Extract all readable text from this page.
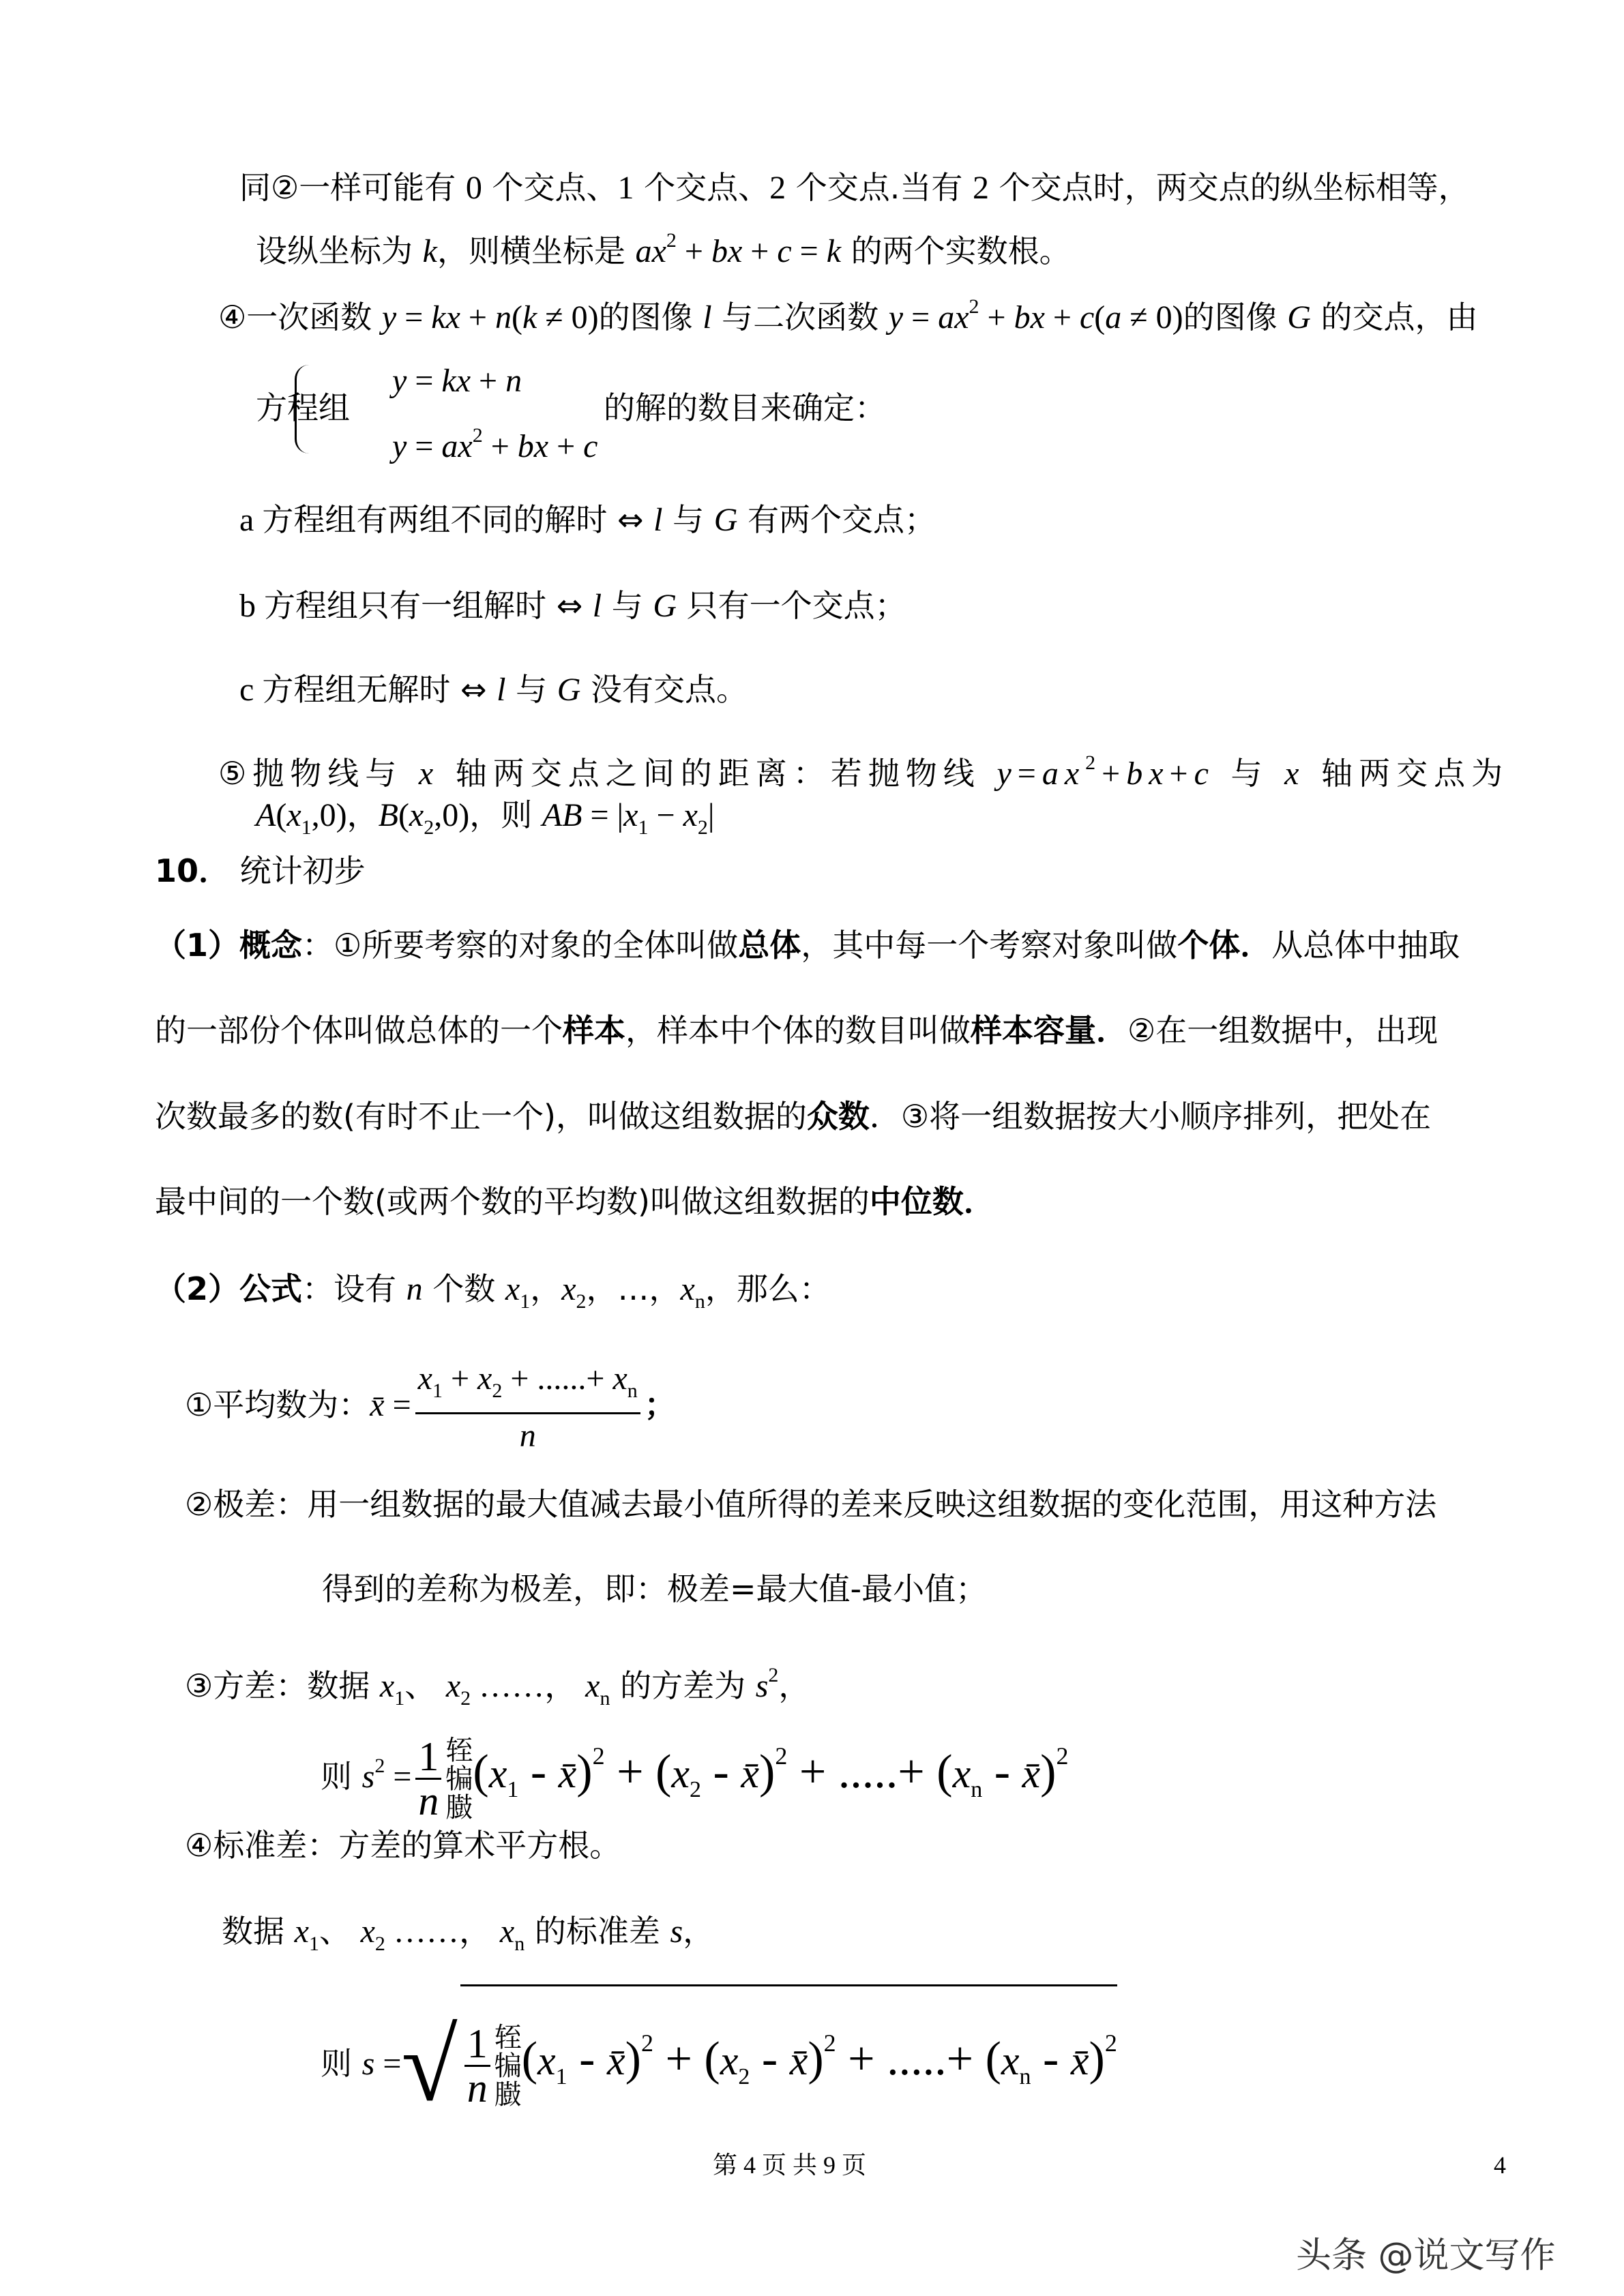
同②一样可能有 0 个交点、1 个交点、2 个交点.当有 2 个交点时，两交点的纵坐标相等，
设纵坐标为 k，则横坐标是 $ax^2$ + bx + c = k 的两个实数根。
④一次函数 y = kx + n(k ≠ 0)的图像 l 与二次函数 $y = ax^2$ + bx + c(a ≠ 0)的图像 G 的交点，由
方程组
y = kx + n
$y = ax^2$ + bx + c
的解的数目来确定：
a 方程组有两组不同的解时 ⇔ l 与 G 有两个交点；
b 方程组只有一组解时 ⇔ l 与 G 只有一个交点；
c 方程组无解时 ⇔ l 与 G 没有交点。
⑤抛物线与 x 轴两交点之间的距离：若抛物线 $y=ax^2+bx+c$ 与 x 轴两交点为
$A(x_1,0)$，$B(x_2,0)$，则 AB = $|x_1 - x_2|$
10． 统计初步
（1）概念：①所要考察的对象的全体叫做总体，其中每一个考察对象叫做个体．从总体中抽取
的一部份个体叫做总体的一个样本，样本中个体的数目叫做样本容量．②在一组数据中，出现
次数最多的数(有时不止一个)，叫做这组数据的众数．③将一组数据按大小顺序排列，把处在
最中间的一个数(或两个数的平均数)叫做这组数据的中位数．
（2）公式：设有 n 个数 $x_1$，$x_2$，…，$x_n$，那么：
①平均数为：x̄ = $\frac{x_1 + x_2 + ......+ x_n}{n}$ ；
②极差：用一组数据的最大值减去最小值所得的差来反映这组数据的变化范围，用这种方法
得到的差称为极差，即：极差=最大值-最小值；
③方差：数据 $x_1$、 $x_2$ ……， $x_n$ 的方差为 $s^2$，
则 $s^2 = \frac{1}{n}$ 轾
犏
臌
($x_1$ - x̄)$^2$ + ($x_2$ - x̄)$^2$ + .....+ ($x_n$ - x̄)$^2$
④标准差：方差的算术平方根。
数据 $x_1$、 $x_2$ ……， $x_n$ 的标准差 s，
则 s =√ $\frac{1}{n}$ 轾
犏
臌
($x_1$ - x̄)$^2$ + ($x_2$ - x̄)$^2$ + .....+ ($x_n$ - x̄)$^2$
第 4 页 共 9 页	4
头条 @说文写作
